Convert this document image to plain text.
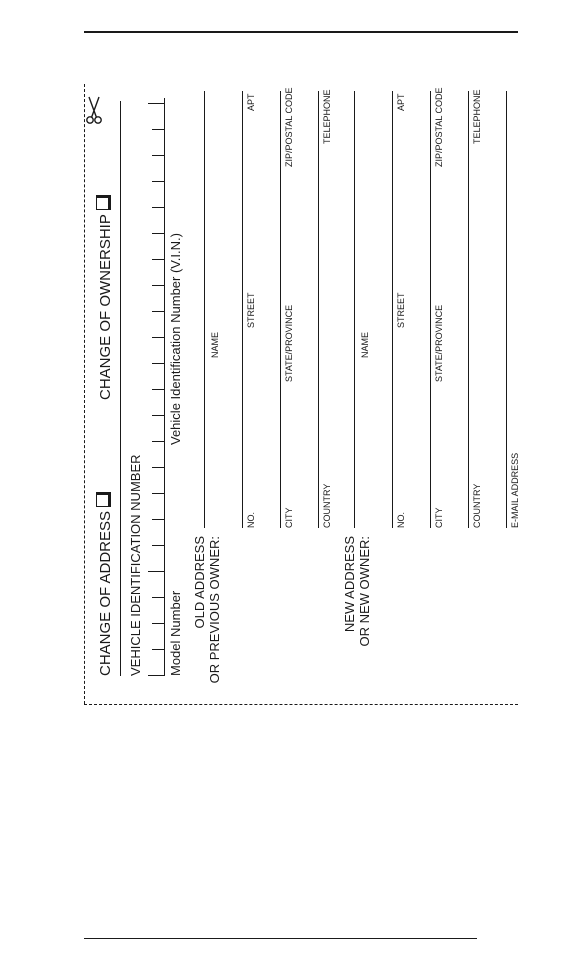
CHANGE OF ADDRESS
CHANGE OF OWNERSHIP
VEHICLE IDENTIFICATION NUMBER Model Number
Vehicle Identification Number (V.I.N.)
OLD ADDRESS OR PREVIOUS OWNER:
NAME
NO.
STREET
APT
CITY
STATE/PROVINCE
ZIP/POSTAL CODE
COUNTRY
TELEPHONE
NEW ADDRESS OR NEW OWNER:
NAME
NO.
STREET
APT
CITY
STATE/PROVINCE
ZIP/POSTAL CODE
COUNTRY
TELEPHONE
E-MAIL ADDRESS
